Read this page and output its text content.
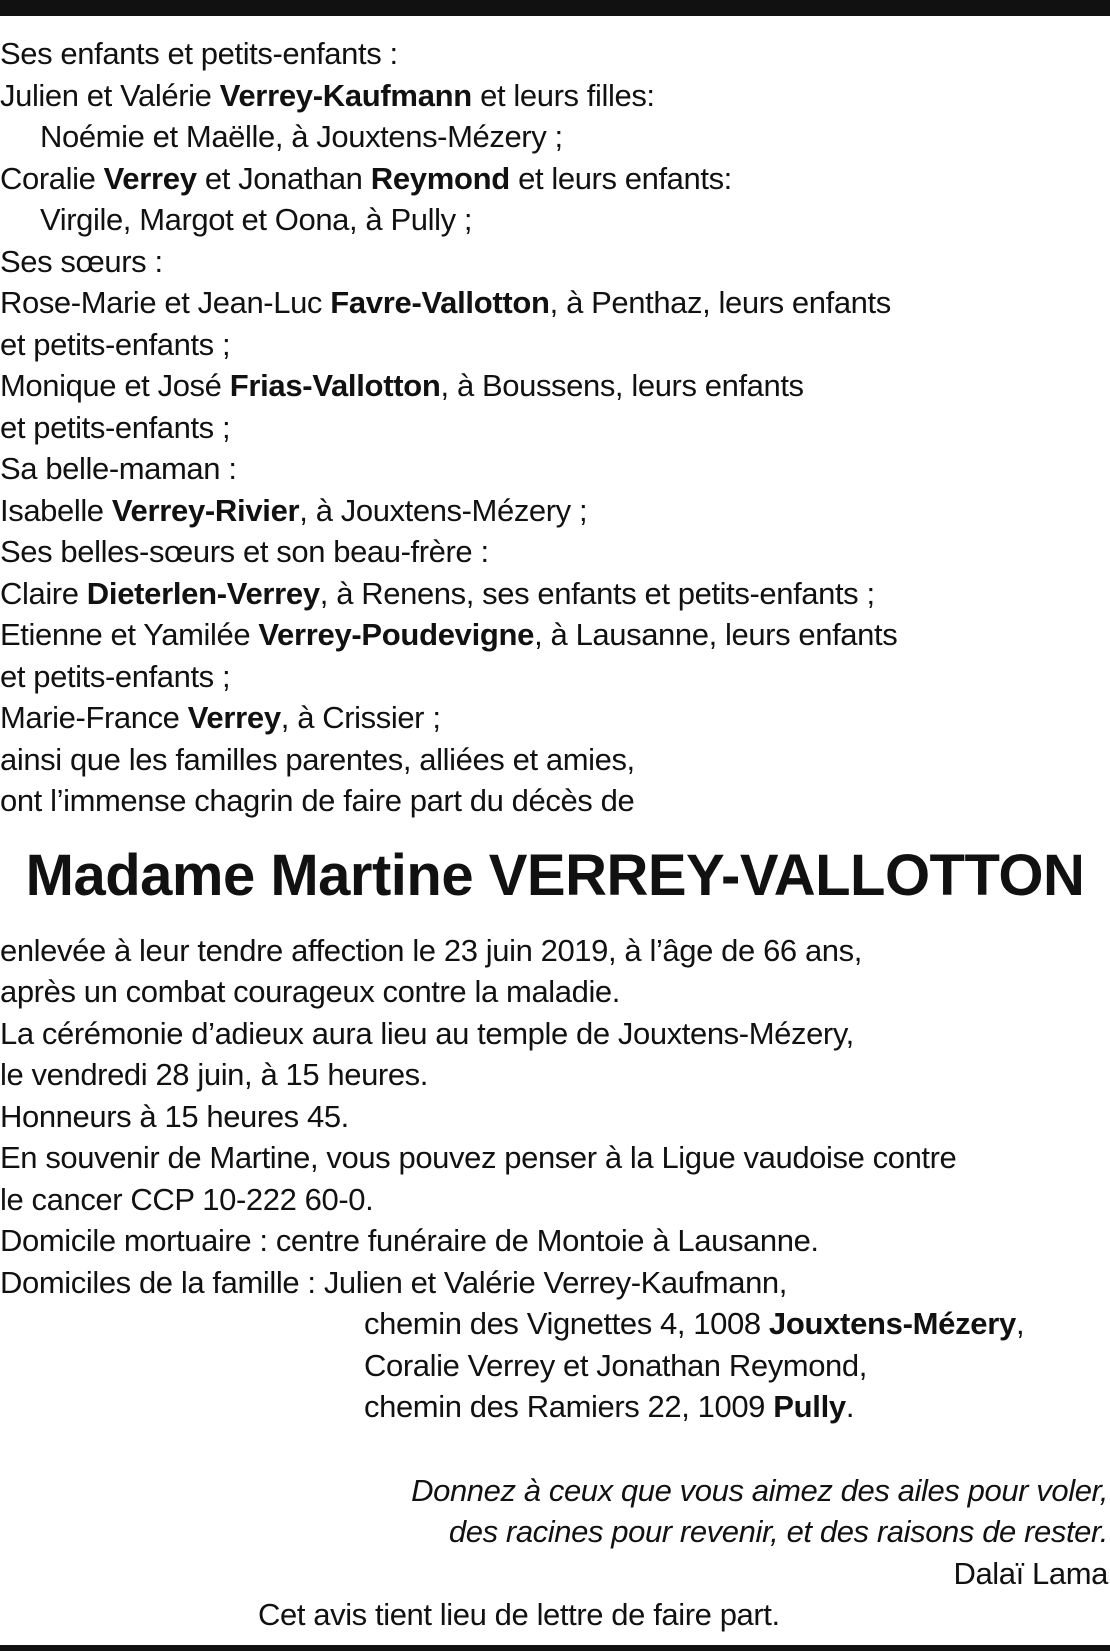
Ses enfants et petits-enfants :
Julien et Valérie Verrey-Kaufmann et leurs filles:
Noémie et Maëlle, à Jouxtens-Mézery ;
Coralie Verrey et Jonathan Reymond et leurs enfants:
Virgile, Margot et Oona, à Pully ;
Ses sœurs :
Rose-Marie et Jean-Luc Favre-Vallotton, à Penthaz, leurs enfants
et petits-enfants ;
Monique et José Frias-Vallotton, à Boussens, leurs enfants
et petits-enfants ;
Sa belle-maman :
Isabelle Verrey-Rivier, à Jouxtens-Mézery ;
Ses belles-sœurs et son beau-frère :
Claire Dieterlen-Verrey, à Renens, ses enfants et petits-enfants ;
Etienne et Yamilée Verrey-Poudevigne, à Lausanne, leurs enfants
et petits-enfants ;
Marie-France Verrey, à Crissier ;
ainsi que les familles parentes, alliées et amies,
ont l’immense chagrin de faire part du décès de
Madame Martine VERREY-VALLOTTON
enlevée à leur tendre affection le 23 juin 2019, à l’âge de 66 ans,
après un combat courageux contre la maladie.
La cérémonie d’adieux aura lieu au temple de Jouxtens-Mézery,
le vendredi 28 juin, à 15 heures.
Honneurs à 15 heures 45.
En souvenir de Martine, vous pouvez penser à la Ligue vaudoise contre
le cancer CCP 10-222 60-0.
Domicile mortuaire : centre funéraire de Montoie à Lausanne.
Domiciles de la famille : Julien et Valérie Verrey-Kaufmann,
chemin des Vignettes 4, 1008 Jouxtens-Mézery,
Coralie Verrey et Jonathan Reymond,
chemin des Ramiers 22, 1009 Pully.
Donnez à ceux que vous aimez des ailes pour voler,
des racines pour revenir, et des raisons de rester.
Dalaï Lama
Cet avis tient lieu de lettre de faire part.
